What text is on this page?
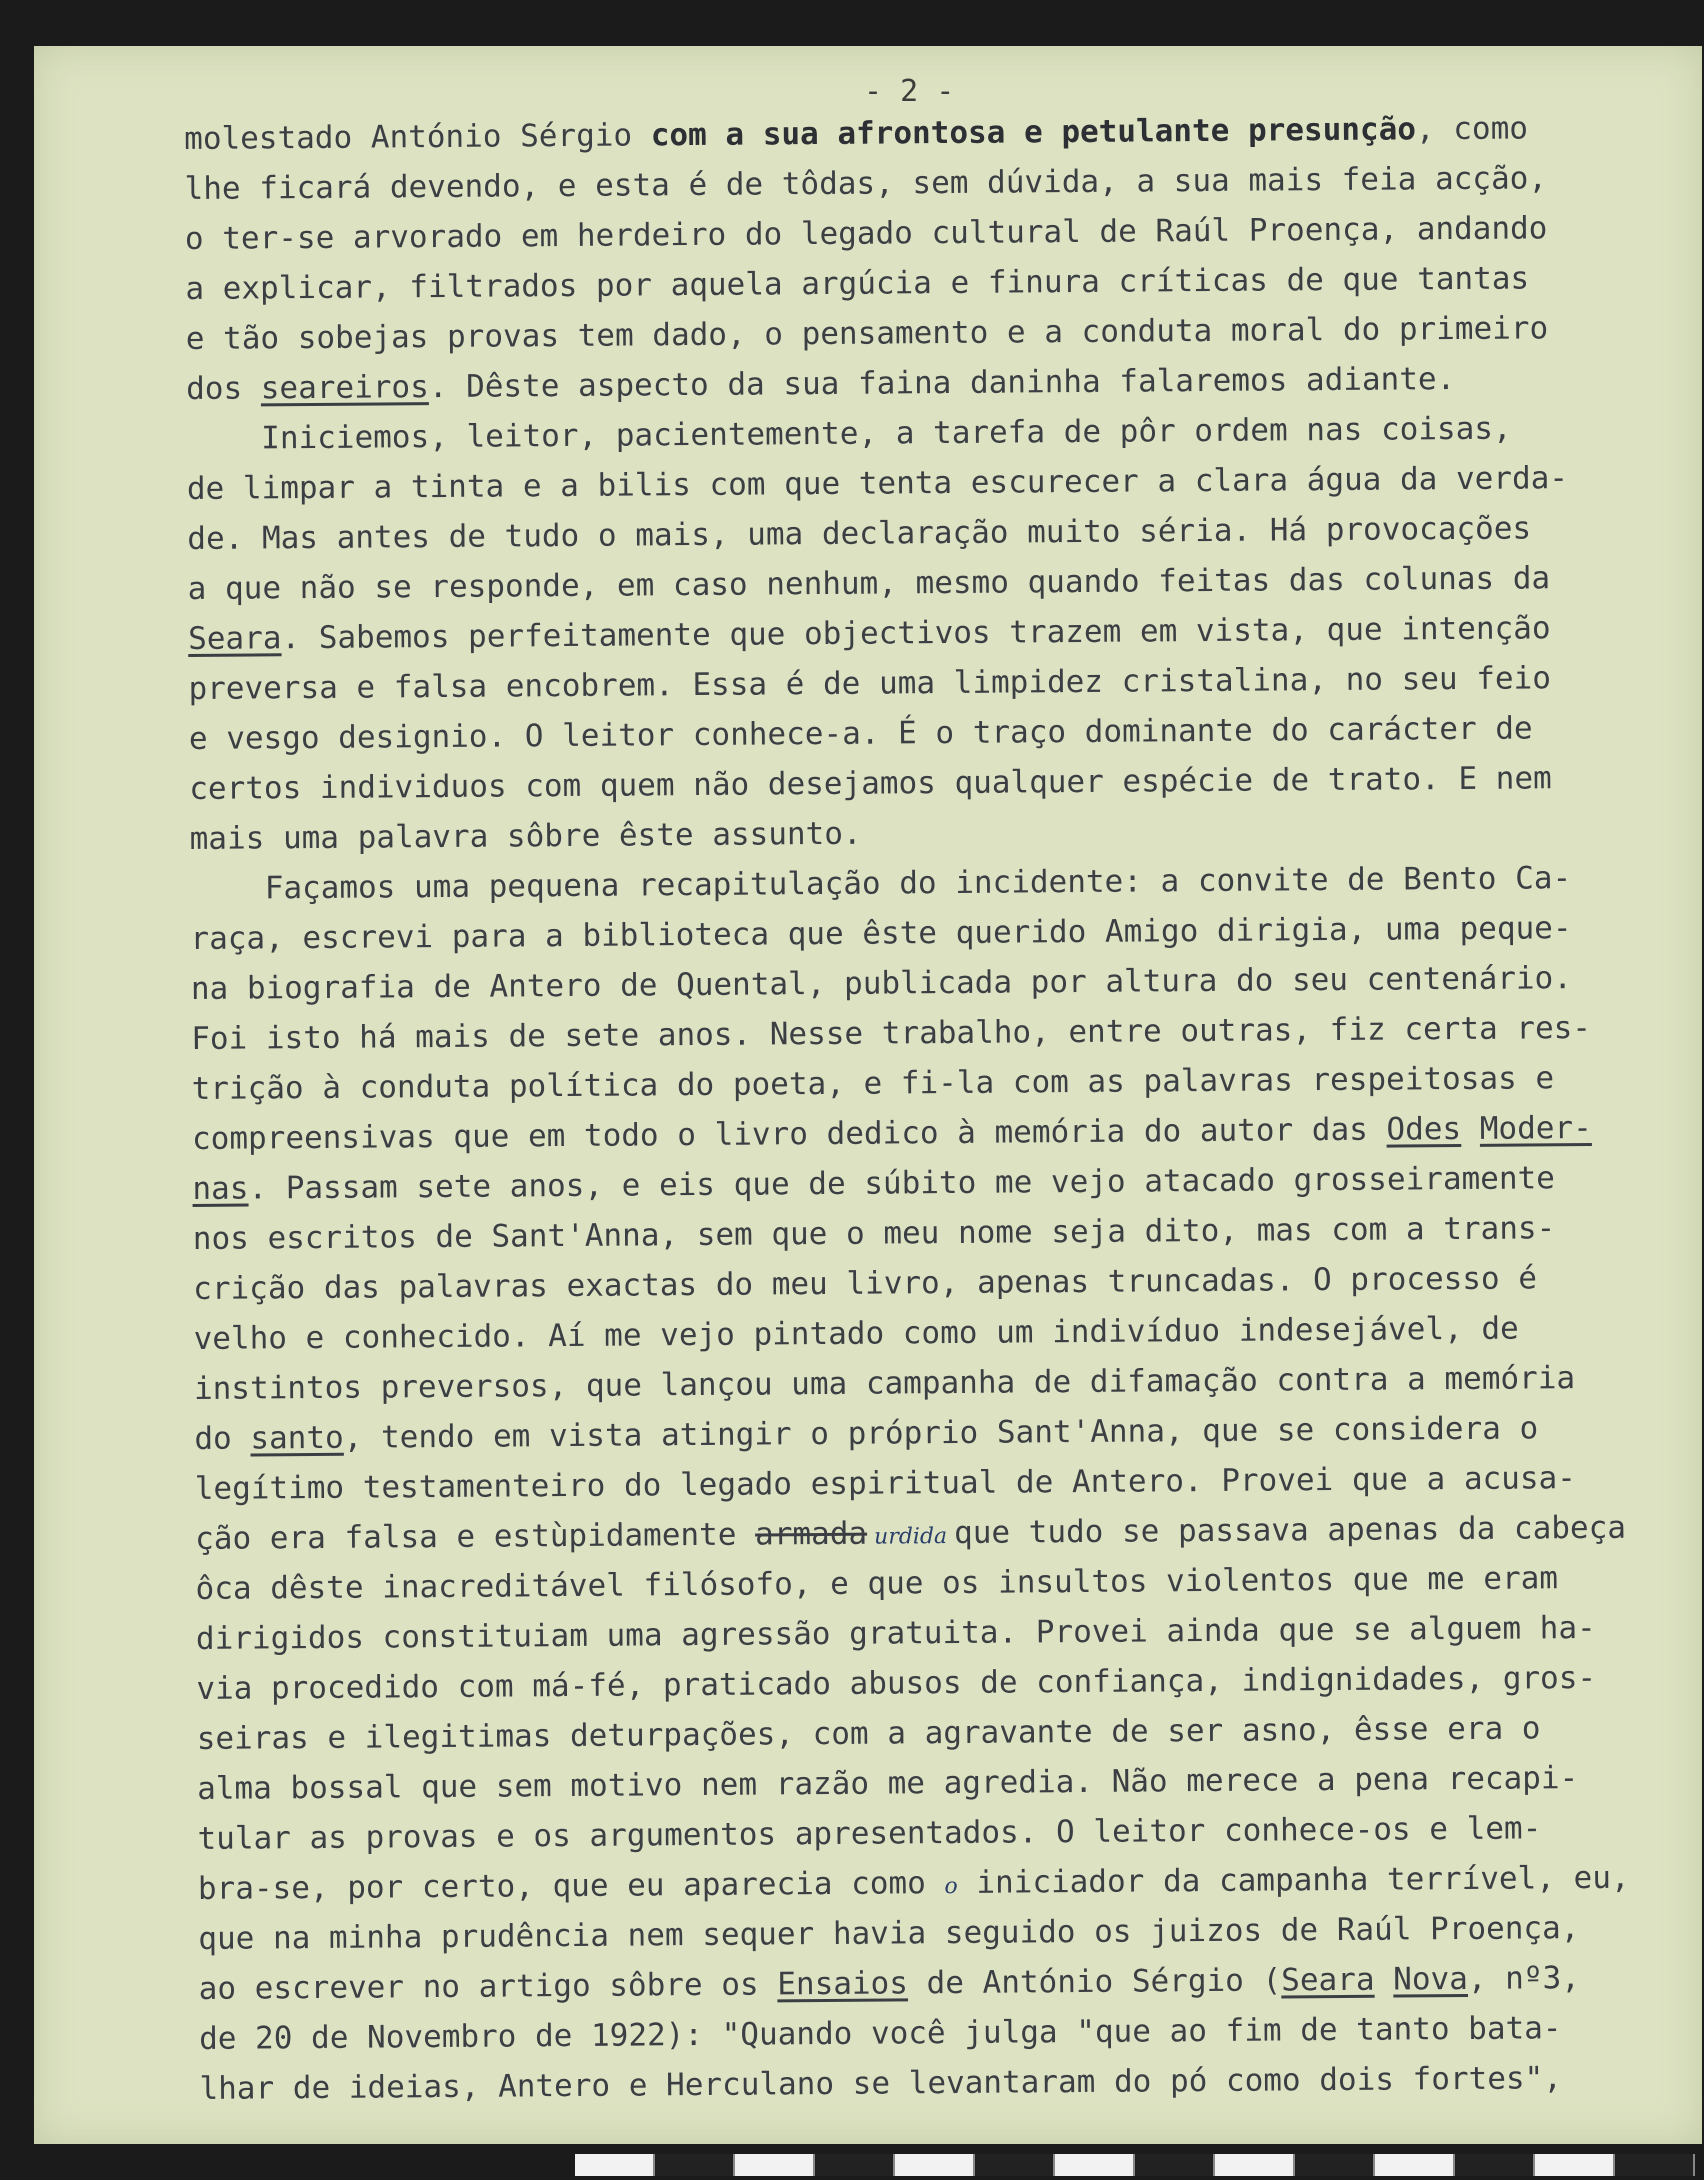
- 2 -
molestado António Sérgio com a sua afrontosa e petulante presunção, como
lhe ficará devendo, e esta é de tôdas, sem dúvida, a sua mais feia acção,
o ter-se arvorado em herdeiro do legado cultural de Raúl Proença, andando
a explicar, filtrados por aquela argúcia e finura críticas de que tantas
e tão sobejas provas tem dado, o pensamento e a conduta moral do primeiro
dos seareiros. Dêste aspecto da sua faina daninha falaremos adiante.
Iniciemos, leitor, pacientemente, a tarefa de pôr ordem nas coisas,
de limpar a tinta e a bilis com que tenta escurecer a clara água da verda-
de. Mas antes de tudo o mais, uma declaração muito séria. Há provocações
a que não se responde, em caso nenhum, mesmo quando feitas das colunas da
Seara. Sabemos perfeitamente que objectivos trazem em vista, que intenção
preversa e falsa encobrem. Essa é de uma limpidez cristalina, no seu feio
e vesgo designio. O leitor conhece-a. É o traço dominante do carácter de
certos individuos com quem não desejamos qualquer espécie de trato. E nem
mais uma palavra sôbre êste assunto.
Façamos uma pequena recapitulação do incidente: a convite de Bento Ca-
raça, escrevi para a biblioteca que êste querido Amigo dirigia, uma peque-
na biografia de Antero de Quental, publicada por altura do seu centenário.
Foi isto há mais de sete anos. Nesse trabalho, entre outras, fiz certa res-
trição à conduta política do poeta, e fi-la com as palavras respeitosas e
compreensivas que em todo o livro dedico à memória do autor das Odes Moder-
nas. Passam sete anos, e eis que de súbito me vejo atacado grosseiramente
nos escritos de Sant'Anna, sem que o meu nome seja dito, mas com a trans-
crição das palavras exactas do meu livro, apenas truncadas. O processo é
velho e conhecido. Aí me vejo pintado como um indivíduo indesejável, de
instintos preversos, que lançou uma campanha de difamação contra a memória
do santo, tendo em vista atingir o próprio Sant'Anna, que se considera o
legítimo testamenteiro do legado espiritual de Antero. Provei que a acusa-
ção era falsa e estùpidamente armada urdida que tudo se passava apenas da cabeça
ôca dêste inacreditável filósofo, e que os insultos violentos que me eram
dirigidos constituiam uma agressão gratuita. Provei ainda que se alguem ha-
via procedido com má-fé, praticado abusos de confiança, indignidades, gros-
seiras e ilegitimas deturpações, com a agravante de ser asno, êsse era o
alma bossal que sem motivo nem razão me agredia. Não merece a pena recapi-
tular as provas e os argumentos apresentados. O leitor conhece-os e lem-
bra-se, por certo, que eu aparecia como o iniciador da campanha terrível, eu,
que na minha prudência nem sequer havia seguido os juizos de Raúl Proença,
ao escrever no artigo sôbre os Ensaios de António Sérgio (Seara Nova, nº3,
de 20 de Novembro de 1922): "Quando você julga "que ao fim de tanto bata-
lhar de ideias, Antero e Herculano se levantaram do pó como dois fortes",
